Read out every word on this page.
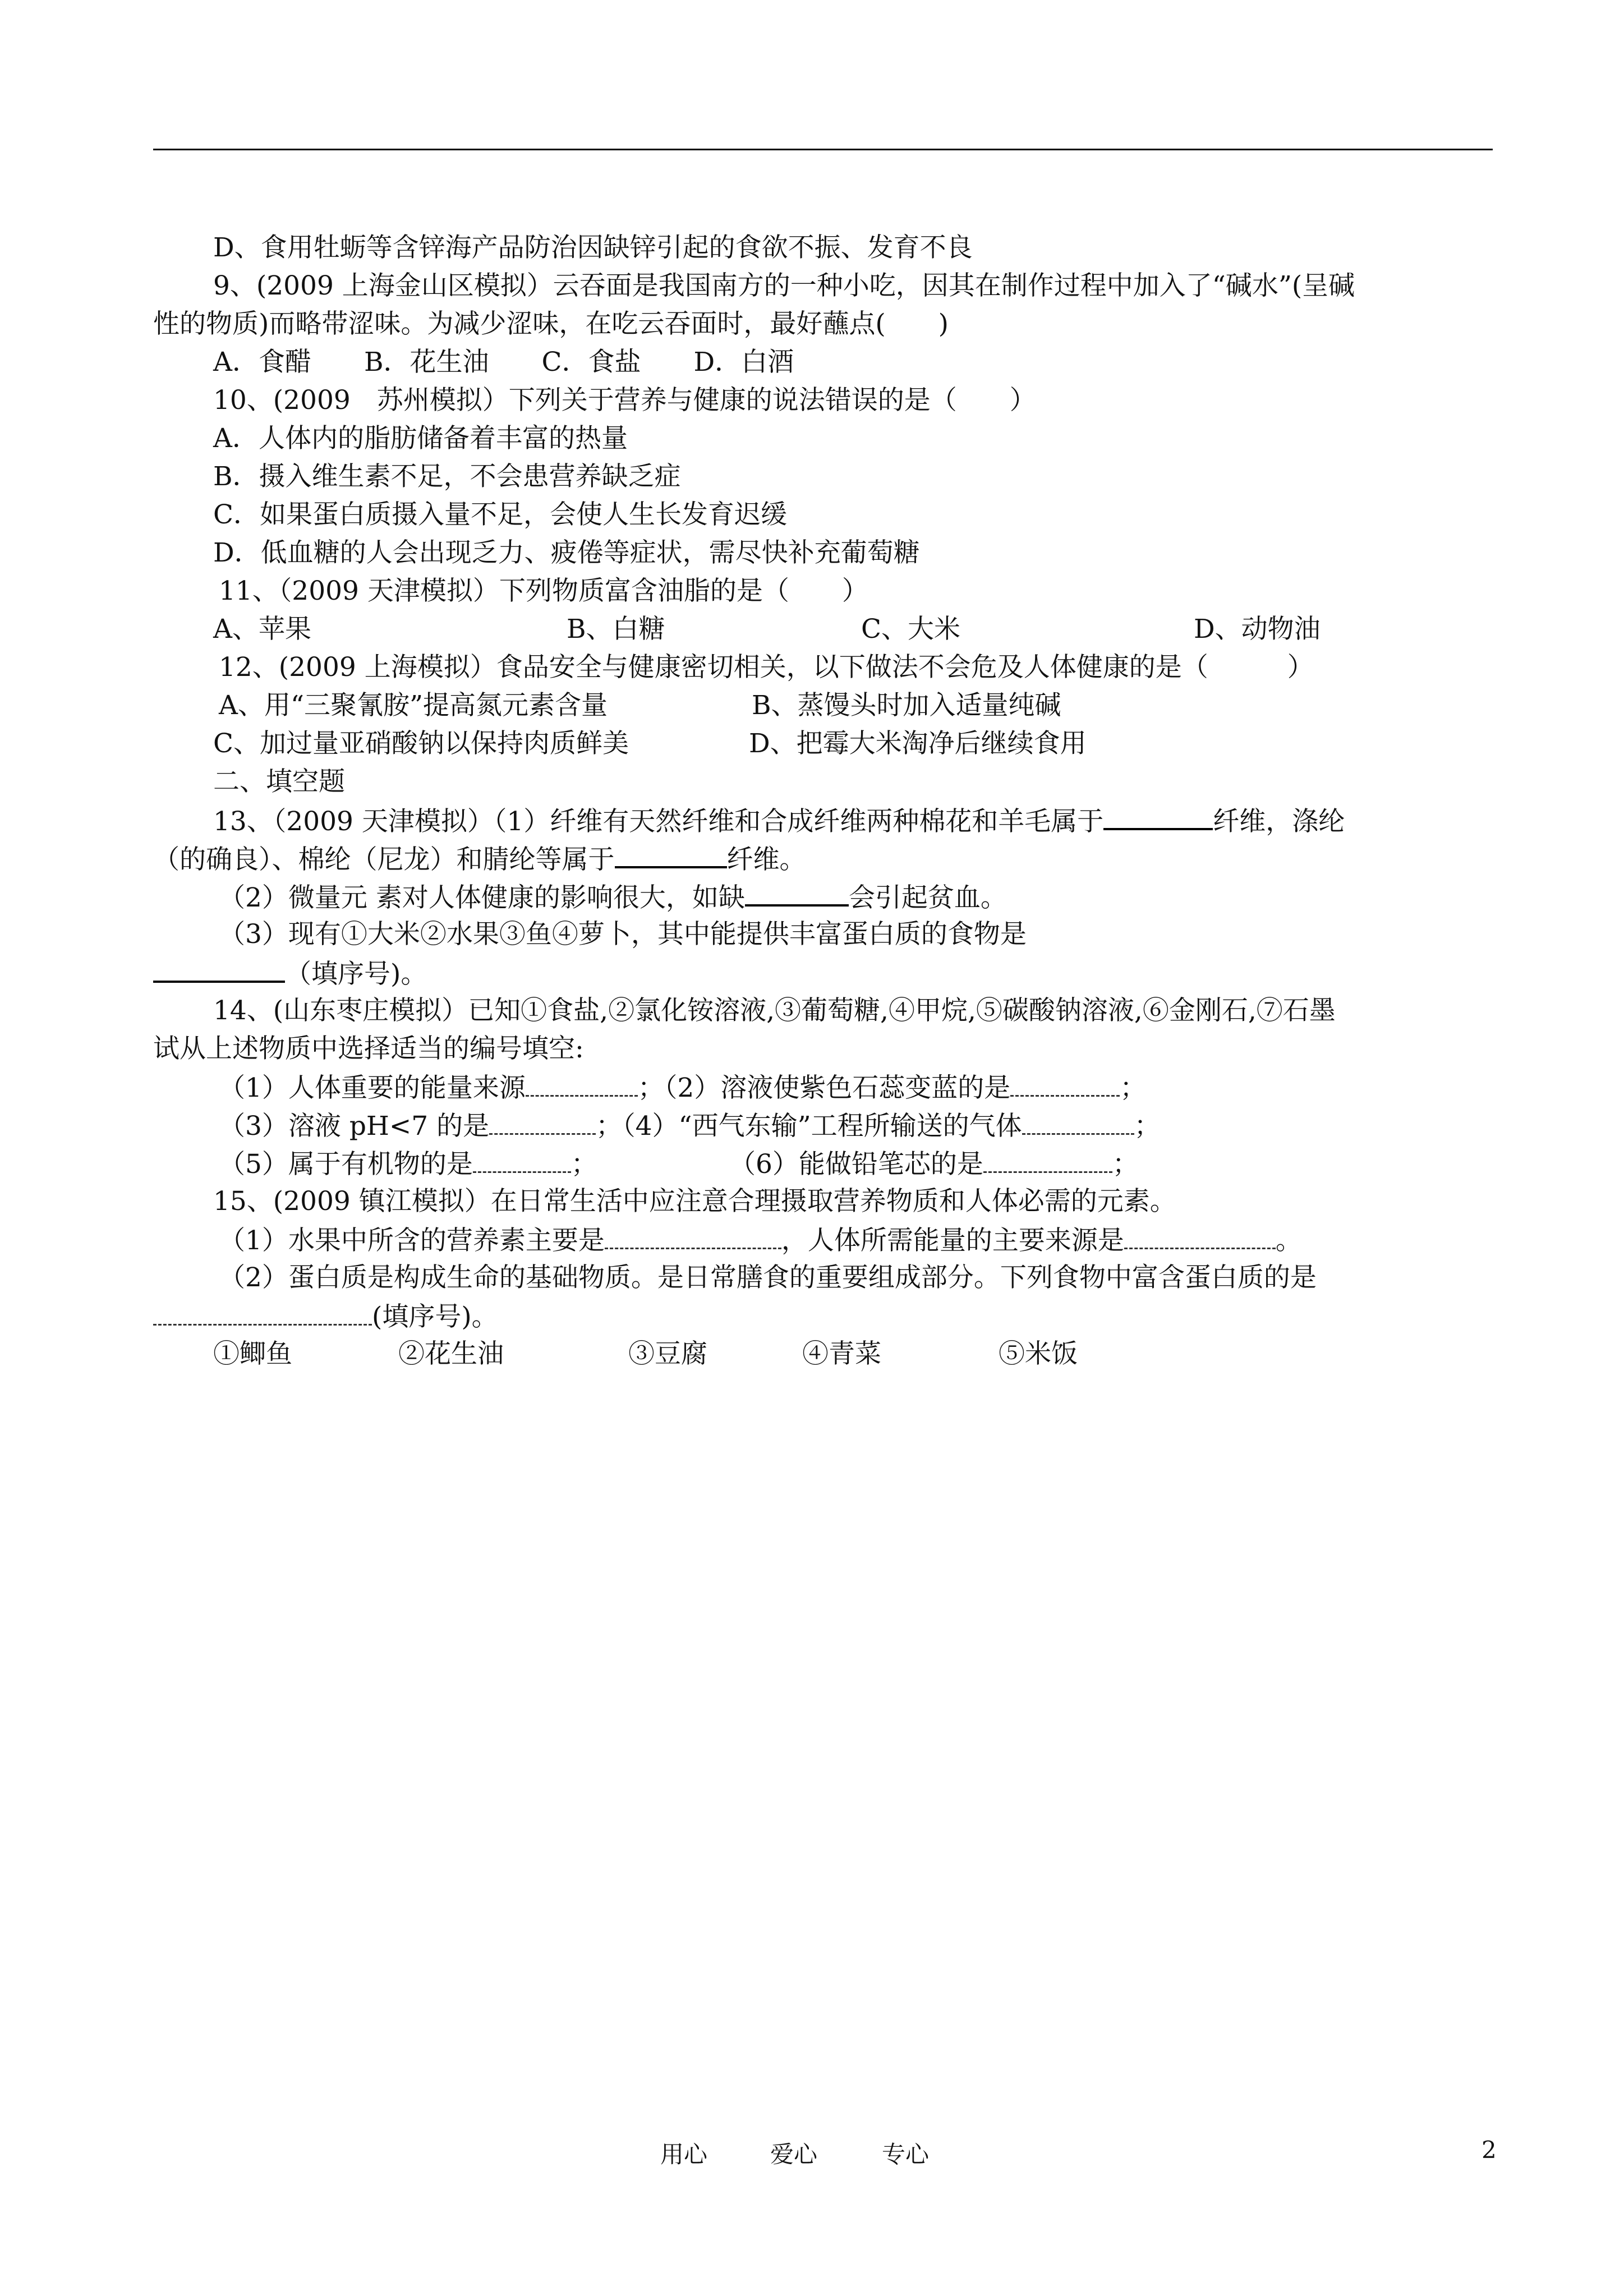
D、食用牡蛎等含锌海产品防治因缺锌引起的食欲不振、发育不良
9、(2009 上海金山区模拟）云吞面是我国南方的一种小吃，因其在制作过程中加入了“碱水”(呈碱
性的物质)而略带涩味。为减少涩味，在吃云吞面时，最好蘸点(　　)
A．食醋　　B．花生油　　C．食盐　　D．白酒
10、(2009　苏州模拟）下列关于营养与健康的说法错误的是（　　）
A．人体内的脂肪储备着丰富的热量
B．摄入维生素不足，不会患营养缺乏症
C．如果蛋白质摄入量不足，会使人生长发育迟缓
D．低血糖的人会出现乏力、疲倦等症状，需尽快补充葡萄糖
11、（2009 天津模拟）下列物质富含油脂的是（　　）
A、苹果	B、白糖	C、大米	D、动物油
12、(2009 上海模拟）食品安全与健康密切相关，以下做法不会危及人体健康的是（　　　）
A、用“三聚氰胺”提高氮元素含量	B、蒸馒头时加入适量纯碱
C、加过量亚硝酸钠以保持肉质鲜美	D、把霉大米淘净后继续食用
二、填空题
13、（2009 天津模拟）（1）纤维有天然纤维和合成纤维两种棉花和羊毛属于	纤维，涤纶
（的确良）、棉纶（尼龙）和腈纶等属于	纤维。
（2）微量元 素对人体健康的影响很大，如缺	会引起贫血。
（3）现有①大米②水果③鱼④萝卜，其中能提供丰富蛋白质的食物是
（填序号)。
14、(山东枣庄模拟）已知①食盐,②氯化铵溶液,③葡萄糖,④甲烷,⑤碳酸钠溶液,⑥金刚石,⑦石墨
试从上述物质中选择适当的编号填空:
（1）人体重要的能量来源	；（2）溶液使紫色石蕊变蓝的是	；
（3）溶液 pH<7 的是	；（4）“西气东输”工程所输送的气体	；
（5）属于有机物的是	；	（6）能做铅笔芯的是	；
15、(2009 镇江模拟）在日常生活中应注意合理摄取营养物质和人体必需的元素。
（1）水果中所含的营养素主要是	，人体所需能量的主要来源是	。
（2）蛋白质是构成生命的基础物质。是日常膳食的重要组成部分。下列食物中富含蛋白质的是
(填序号)。
①鲫鱼	②花生油	③豆腐	④青菜	⑤米饭
用心	爱心	专心	2
